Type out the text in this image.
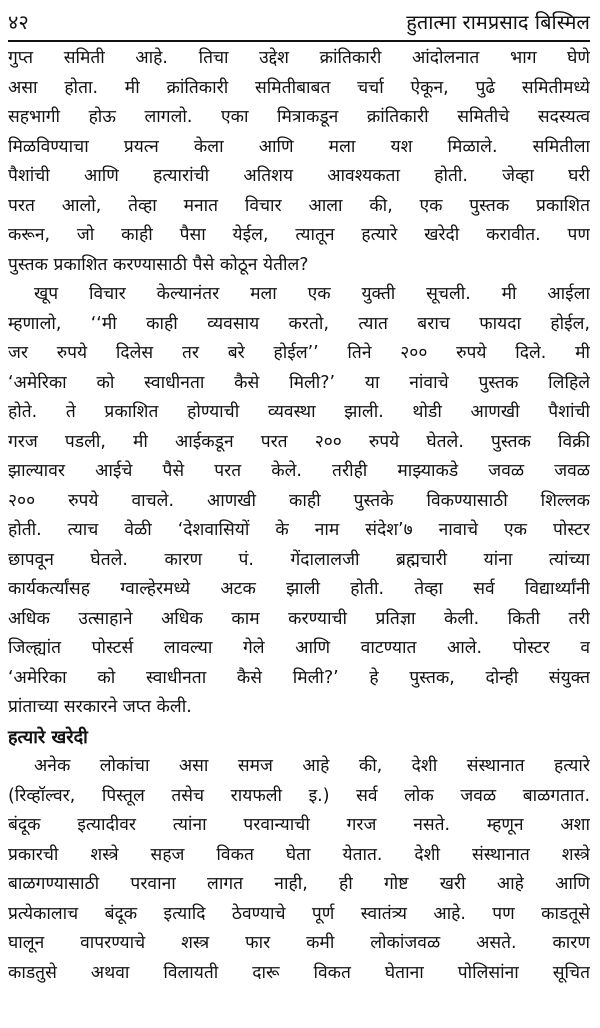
४२	हुतात्मा रामप्रसाद बिस्मिल
गुप्त समिती आहे. तिचा उद्देश क्रांतिकारी आंदोलनात भाग घेणे
असा होता. मी क्रांतिकारी समितीबाबत चर्चा ऐकून, पुढे समितीमध्ये
सहभागी होऊ लागलो. एका मित्राकडून क्रांतिकारी समितीचे सदस्यत्व
मिळविण्याचा प्रयत्न केला आणि मला यश मिळाले. समितीला
पैशांची आणि हत्यारांची अतिशय आवश्यकता होती. जेव्हा घरी
परत आलो, तेव्हा मनात विचार आला की, एक पुस्तक प्रकाशित
करून, जो काही पैसा येईल, त्यातून हत्यारे खरेदी करावीत. पण
पुस्तक प्रकाशित करण्यासाठी पैसे कोठून येतील?
खूप विचार केल्यानंतर मला एक युक्ती सूचली. मी आईला
म्हणालो, ‘‘मी काही व्यवसाय करतो, त्यात बराच फायदा होईल,
जर रुपये दिलेस तर बरे होईल’’ तिने २०० रुपये दिले. मी
‘अमेरिका को स्वाधीनता कैसे मिली?’ या नांवाचे पुस्तक लिहिले
होते. ते प्रकाशित होण्याची व्यवस्था झाली. थोडी आणखी पैशांची
गरज पडली, मी आईकडून परत २०० रुपये घेतले. पुस्तक विक्री
झाल्यावर आईचे पैसे परत केले. तरीही माझ्याकडे जवळ जवळ
२०० रुपये वाचले. आणखी काही पुस्तके विकण्यासाठी शिल्लक
होती. त्याच वेळी ‘देशवासियों के नाम संदेश’७ नावाचे एक पोस्टर
छापवून घेतले. कारण पं. गेंदालालजी ब्रह्मचारी यांना त्यांच्या
कार्यकर्त्यांसह ग्वाल्हेरमध्ये अटक झाली होती. तेव्हा सर्व विद्यार्थ्यांनी
अधिक उत्साहाने अधिक काम करण्याची प्रतिज्ञा केली. किती तरी
जिल्ह्यांत पोस्टर्स लावल्या गेले आणि वाटण्यात आले. पोस्टर व
‘अमेरिका को स्वाधीनता कैसे मिली?’ हे पुस्तक, दोन्ही संयुक्त
प्रांताच्या सरकारने जप्त केली.
हत्यारे खरेदी
अनेक लोकांचा असा समज आहे की, देशी संस्थानात हत्यारे
(रिव्हॉल्वर, पिस्तूल तसेच रायफली इ.) सर्व लोक जवळ बाळगतात.
बंदूक इत्यादीवर त्यांना परवान्याची गरज नसते. म्हणून अशा
प्रकारची शस्त्रे सहज विकत घेता येतात. देशी संस्थानात शस्त्रे
बाळगण्यासाठी परवाना लागत नाही, ही गोष्ट खरी आहे आणि
प्रत्येकालाच बंदूक इत्यादि ठेवण्याचे पूर्ण स्वातंत्र्य आहे. पण काडतूसे
घालून वापरण्याचे शस्त्र फार कमी लोकांजवळ असते. कारण
काडतुसे अथवा विलायती दारू विकत घेताना पोलिसांना सूचित
